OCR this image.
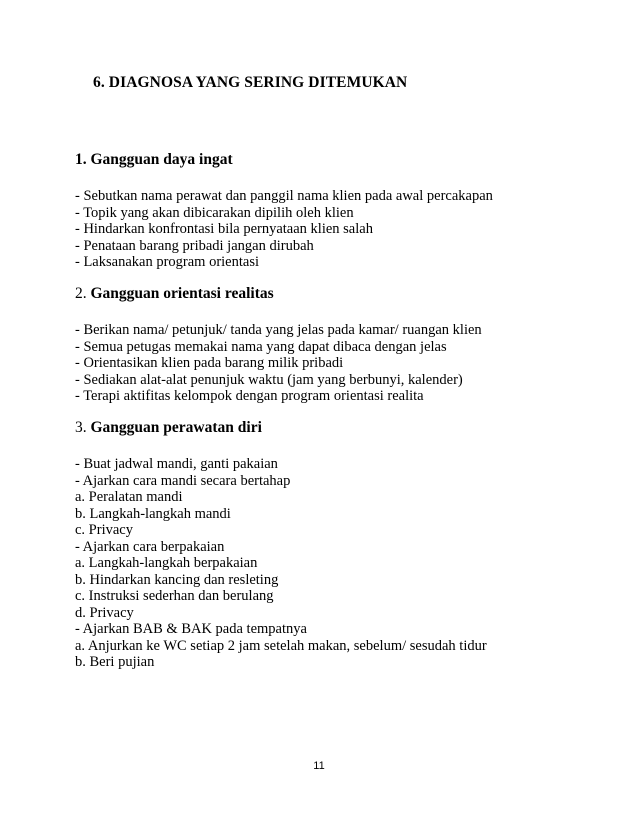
6. DIAGNOSA YANG SERING DITEMUKAN
1. Gangguan daya ingat
- Sebutkan nama perawat dan panggil nama klien pada awal percakapan
- Topik yang akan dibicarakan dipilih oleh klien
- Hindarkan konfrontasi bila pernyataan klien salah
- Penataan barang pribadi jangan dirubah
- Laksanakan program orientasi
2. Gangguan orientasi realitas
- Berikan nama/ petunjuk/ tanda yang jelas pada kamar/ ruangan klien
- Semua petugas memakai nama yang dapat dibaca dengan jelas
- Orientasikan klien pada barang milik pribadi
- Sediakan alat-alat penunjuk waktu (jam yang berbunyi, kalender)
- Terapi aktifitas kelompok dengan program orientasi realita
3. Gangguan perawatan diri
- Buat jadwal mandi, ganti pakaian
- Ajarkan cara mandi secara bertahap
a. Peralatan mandi
b. Langkah-langkah mandi
c. Privacy
- Ajarkan cara berpakaian
a. Langkah-langkah berpakaian
b. Hindarkan kancing dan resleting
c. Instruksi sederhan dan berulang
d. Privacy
- Ajarkan BAB & BAK pada tempatnya
a. Anjurkan ke WC setiap 2 jam setelah makan, sebelum/ sesudah tidur
b. Beri pujian
11
